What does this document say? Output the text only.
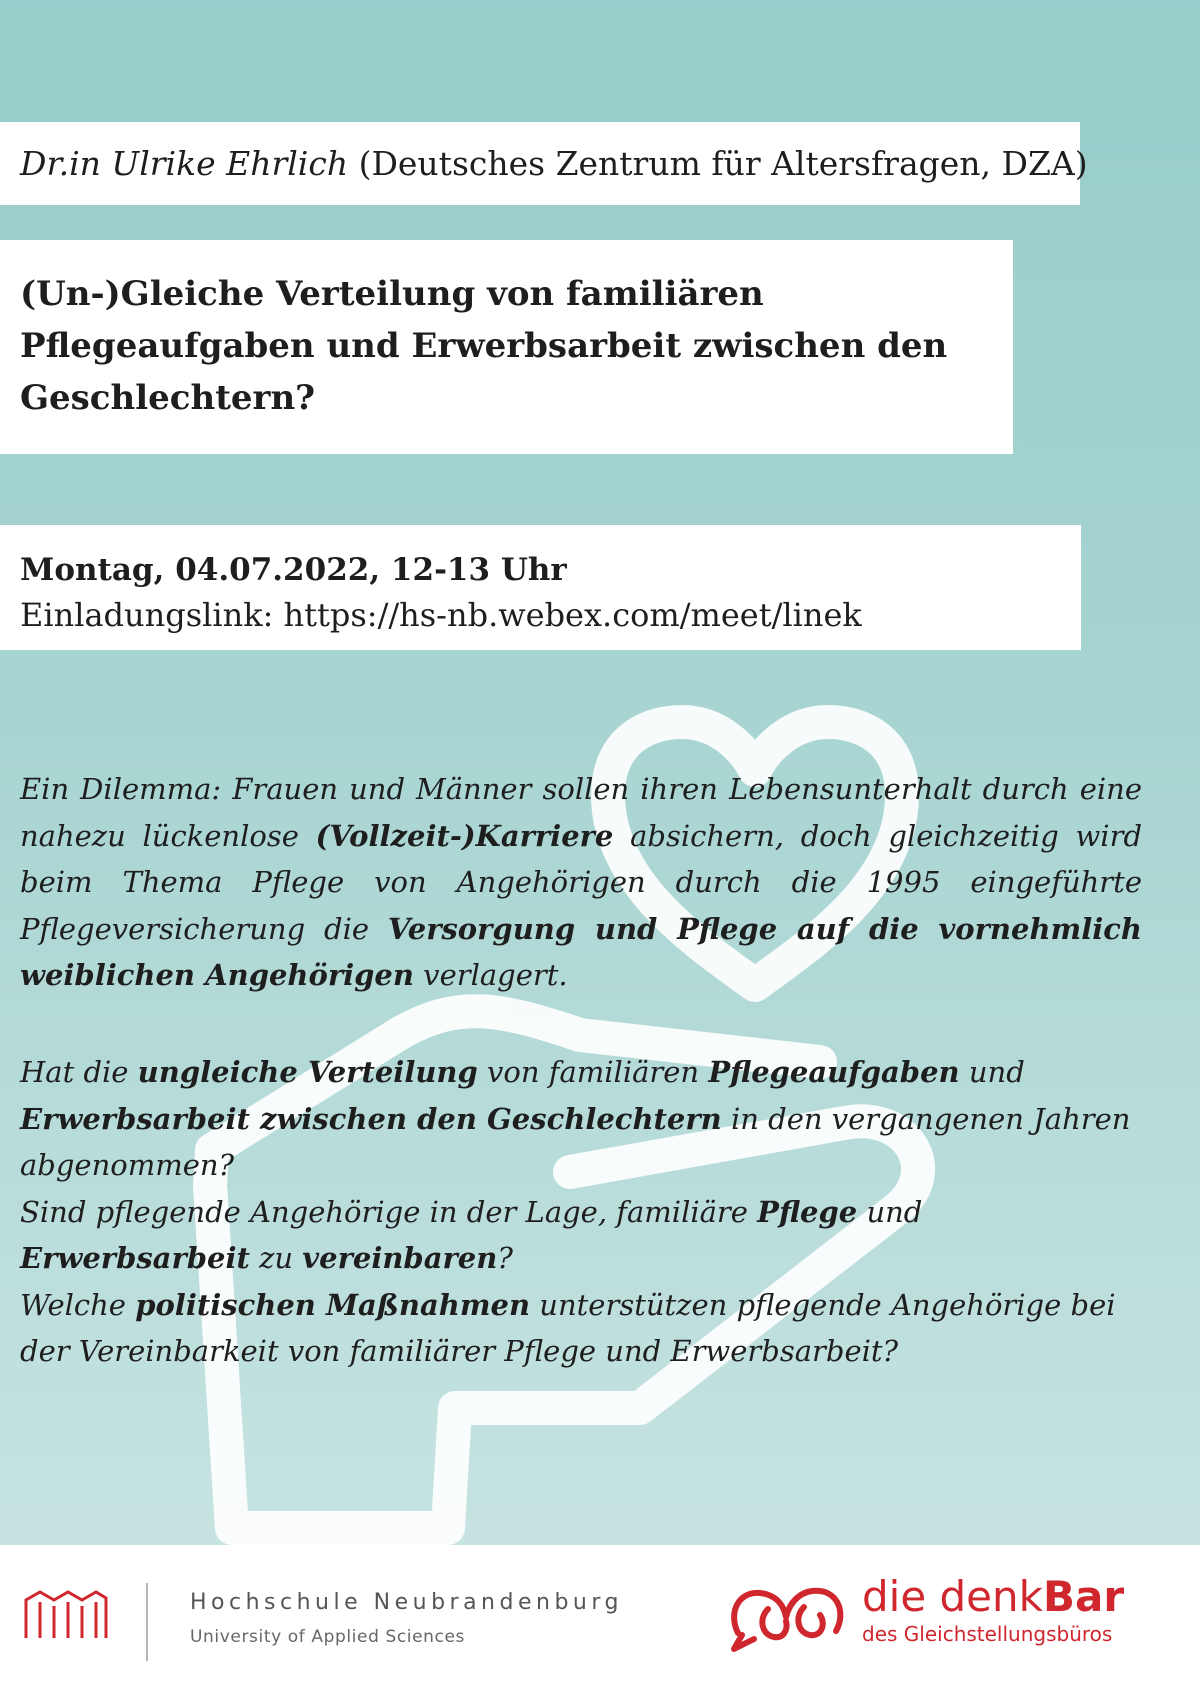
Dr.in Ulrike Ehrlich (Deutsches Zentrum für Altersfragen, DZA)
(Un-)Gleiche Verteilung von familiären Pflegeaufgaben und Erwerbsarbeit zwischen den Geschlechtern?
Montag, 04.07.2022, 12-13 Uhr
Einladungslink: https://hs-nb.webex.com/meet/linek
Ein Dilemma: Frauen und Männer sollen ihren Lebensunterhalt durch eine nahezu lückenlose (Vollzeit-)Karriere absichern, doch gleichzeitig wird beim Thema Pflege von Angehörigen durch die 1995 eingeführte Pflegeversicherung die Versorgung und Pflege auf die vornehmlich weiblichen Angehörigen verlagert.
Hat die ungleiche Verteilung von familiären Pflegeaufgaben und
Erwerbsarbeit zwischen den Geschlechtern in den vergangenen Jahren abgenommen?
Sind pflegende Angehörige in der Lage, familiäre Pflege und
Erwerbsarbeit zu vereinbaren?
Welche politischen Maßnahmen unterstützen pflegende Angehörige bei der Vereinbarkeit von familiärer Pflege und Erwerbsarbeit?
Hochschule Neubrandenburg
University of Applied Sciences
die denkBar
des Gleichstellungsbüros
